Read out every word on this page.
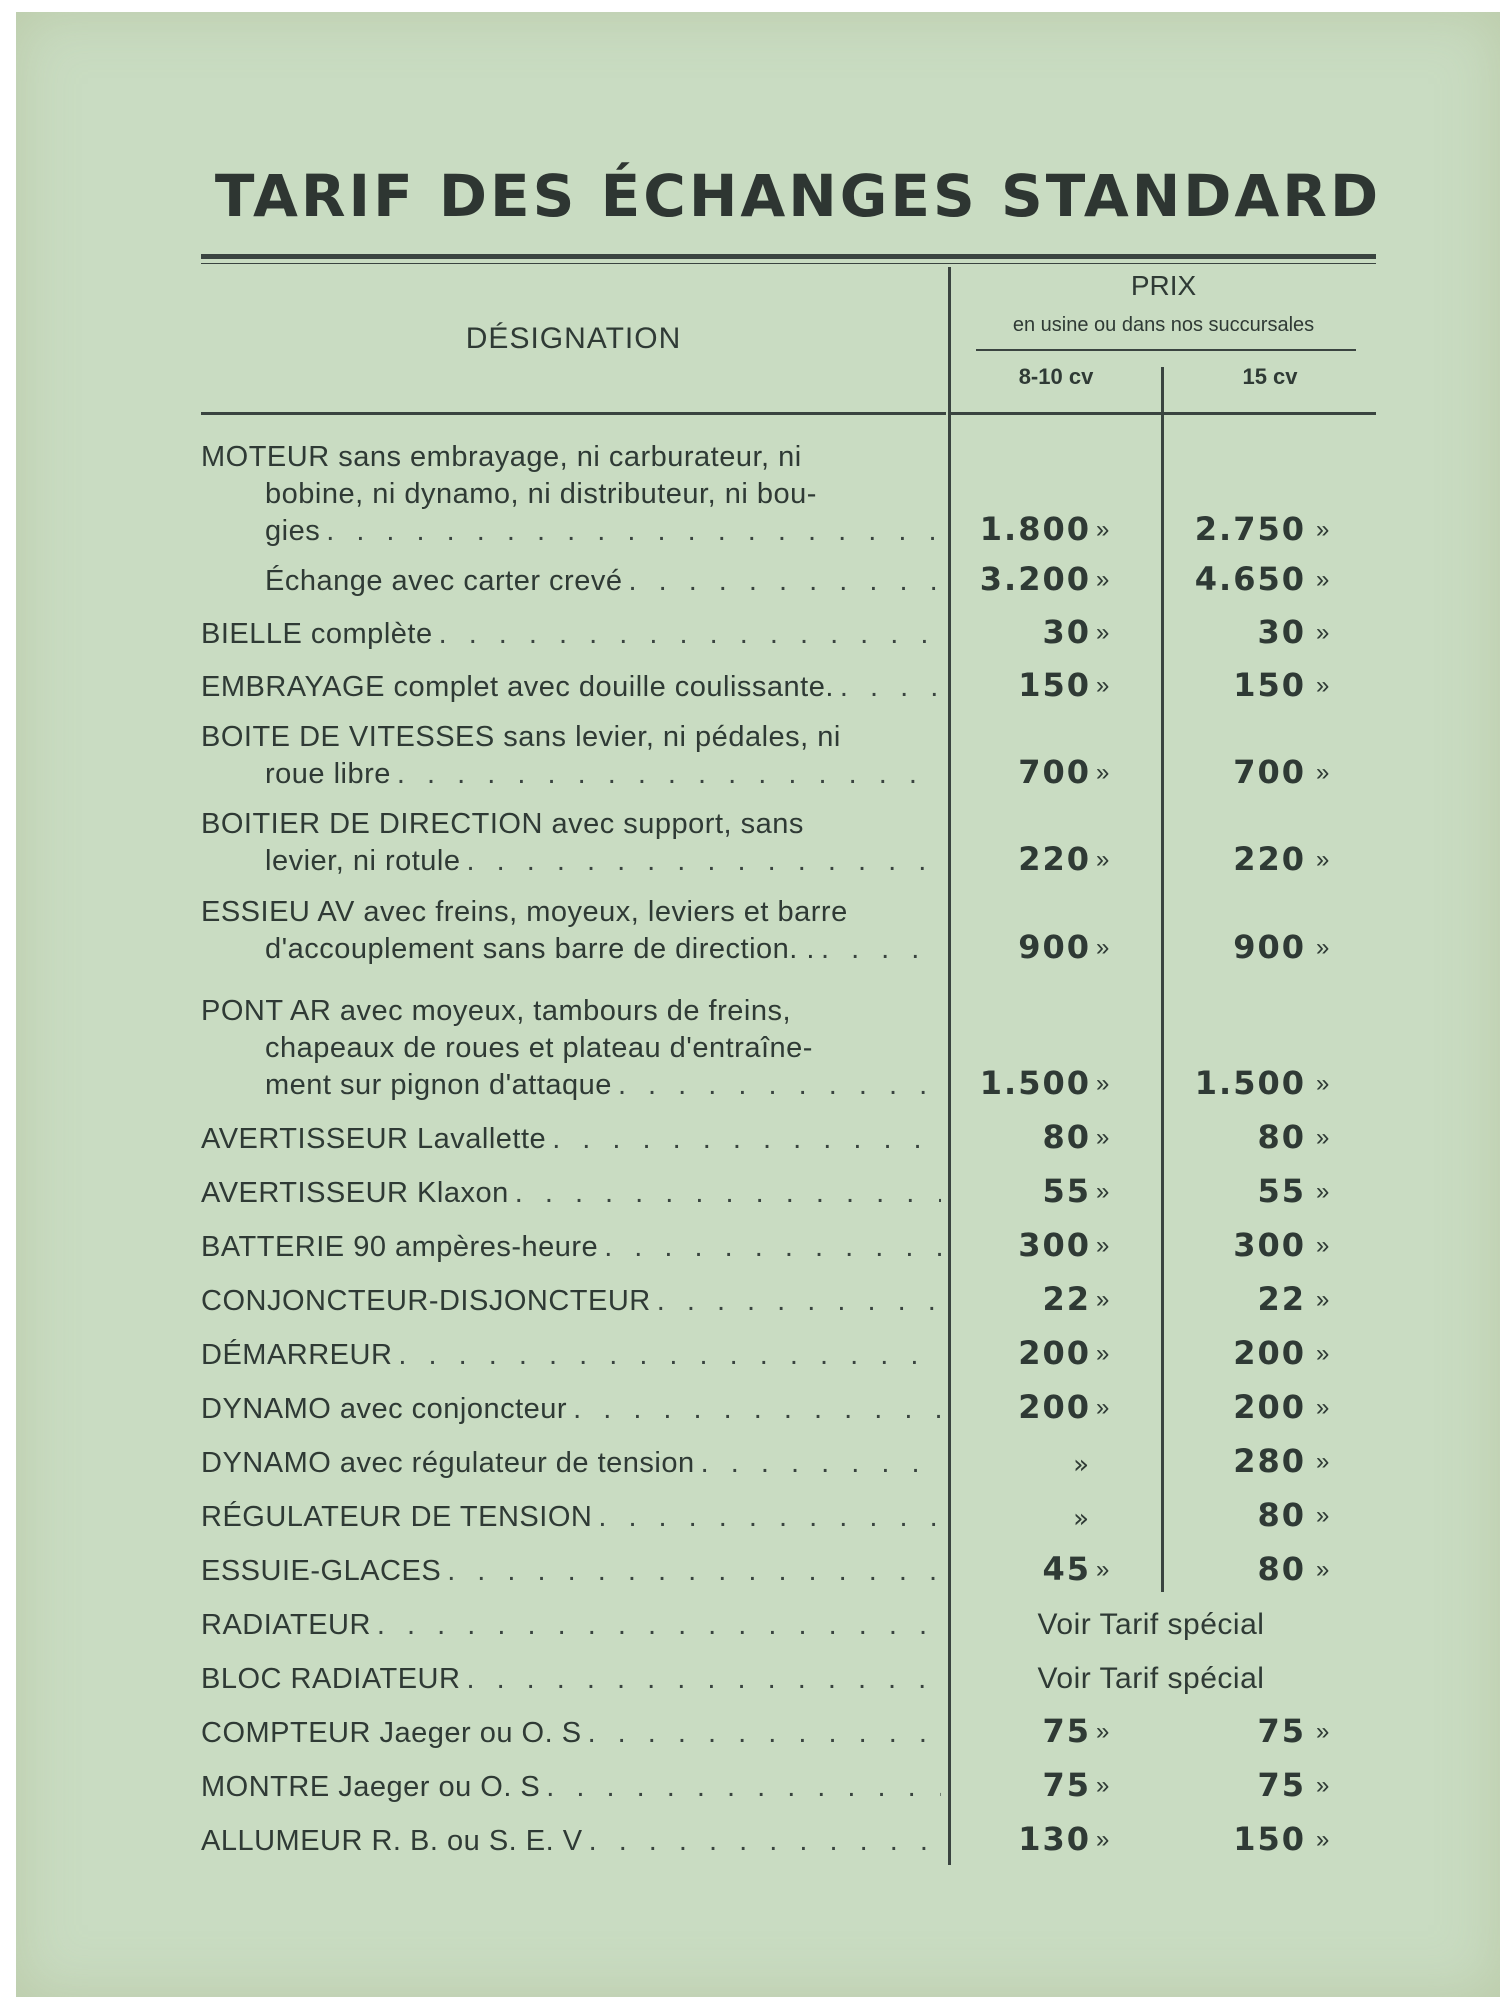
TARIF DES ÉCHANGES STANDARD
DÉSIGNATION
PRIX
en usine ou dans nos succursales
8-10 cv	15 cv
MOTEUR sans embrayage, ni carburateur, ni
bobine, ni dynamo, ni distributeur, ni bou-
gies . . .	1.800 »	2.750 »
Échange avec carter crevé . . .	3.200 »	4.650 »
BIELLE complète . . .	30 »	30 »
EMBRAYAGE complet avec douille coulissante. . . .	150 »	150 »
BOITE DE VITESSES sans levier, ni pédales, ni
roue libre . . .	700 »	700 »
BOITIER DE DIRECTION avec support, sans
levier, ni rotule . . .	220 »	220 »
ESSIEU AV avec freins, moyeux, leviers et barre
d'accouplement sans barre de direction. . . . .	900 »	900 »
PONT AR avec moyeux, tambours de freins,
chapeaux de roues et plateau d'entraîne-
ment sur pignon d'attaque . . .	1.500 »	1.500 »
AVERTISSEUR Lavallette . . .	80 »	80 »
AVERTISSEUR Klaxon . . .	55 »	55 »
BATTERIE 90 ampères-heure . . .	300 »	300 »
CONJONCTEUR-DISJONCTEUR . . .	22 »	22 »
DÉMARREUR . . .	200 »	200 »
DYNAMO avec conjoncteur . . .	200 »	200 »
DYNAMO avec régulateur de tension . . .	»	280 »
RÉGULATEUR DE TENSION . . .	»	80 »
ESSUIE-GLACES . . .	45 »	80 »
RADIATEUR . . .	Voir Tarif spécial
BLOC RADIATEUR . . .	Voir Tarif spécial
COMPTEUR Jaeger ou O. S . . .	75 »	75 »
MONTRE Jaeger ou O. S . . .	75 »	75 »
ALLUMEUR R. B. ou S. E. V . . .	130 »	150 »
